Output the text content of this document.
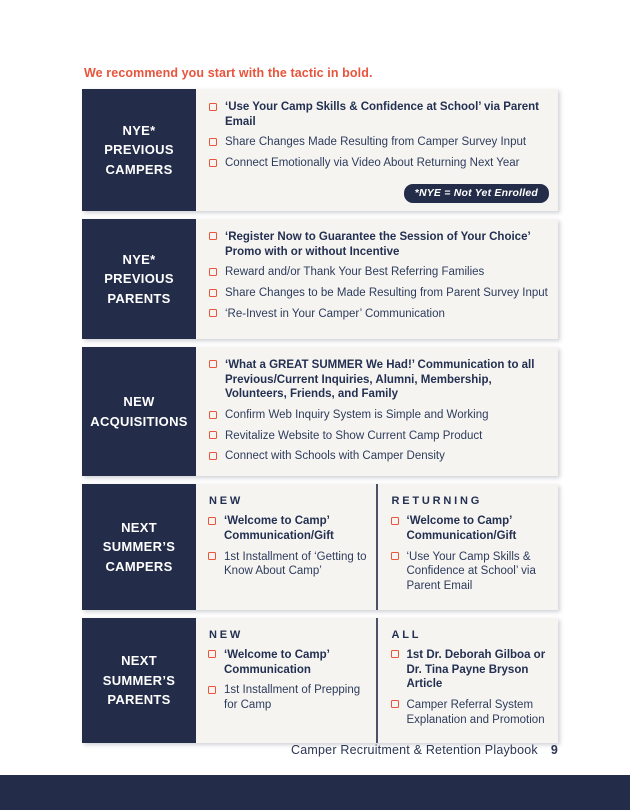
We recommend you start with the tactic in bold.
NYE*
PREVIOUS
CAMPERS
‘Use Your Camp Skills & Confidence at School’ via Parent Email
Share Changes Made Resulting from Camper Survey Input
Connect Emotionally via Video About Returning Next Year
*NYE = Not Yet Enrolled
NYE*
PREVIOUS
PARENTS
‘Register Now to Guarantee the Session of Your Choice’ Promo with or without Incentive
Reward and/or Thank Your Best Referring Families
Share Changes to be Made Resulting from Parent Survey Input
‘Re-Invest in Your Camper’ Communication
NEW
ACQUISITIONS
‘What a GREAT SUMMER We Had!’ Communication to all Previous/Current Inquiries, Alumni, Membership, Volunteers, Friends, and Family
Confirm Web Inquiry System is Simple and Working
Revitalize Website to Show Current Camp Product
Connect with Schools with Camper Density
NEXT
SUMMER’S
CAMPERS
NEW
‘Welcome to Camp’ Communication/Gift
1st Installment of ‘Getting to Know About Camp’
RETURNING
‘Welcome to Camp’ Communication/Gift
‘Use Your Camp Skills & Confidence at School’ via Parent Email
NEXT
SUMMER’S
PARENTS
NEW
‘Welcome to Camp’ Communication
1st Installment of Prepping for Camp
ALL
1st Dr. Deborah Gilboa or Dr. Tina Payne Bryson Article
Camper Referral System Explanation and Promotion
Camper Recruitment & Retention Playbook 9
